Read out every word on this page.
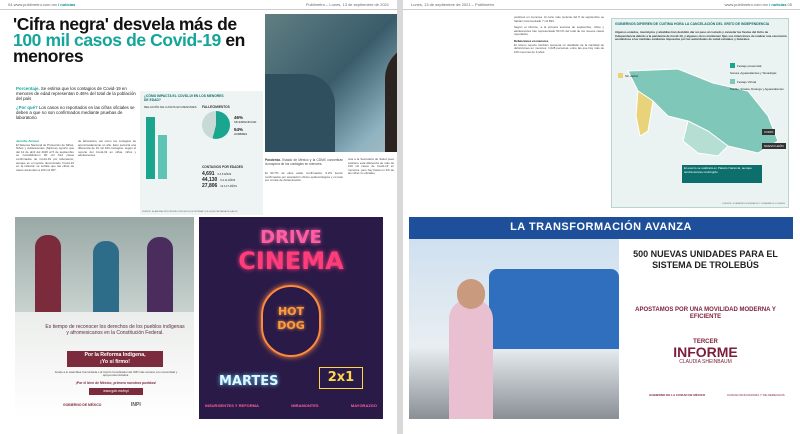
04 www.publimetro.com.mx / noticias	Publimetro – Lunes, 13 de septiembre de 2021
'Cifra negra' desvela más de 100 mil casos de Covid-19 en menores

Porcentaje. Se estima que los contagios de Covid-19 en menores de edad representan 0.46% del total de la población del país

¿Por qué? Los casos no reportados en las cifras oficiales se deben a que no son confirmados mediante pruebas de laboratorio

Jennifer Alcázar
El Sistema Nacional de Protección de Niñas, Niños y Adolescentes (Sipinna) reportó que del 12 de abril del 2020 al 5 de septiembre se contabilizaron 90 mil 614 casos confirmados de Covid-19 por laboratorio, aunque en el reporte denominado 'Covid-19 en la infancia' se señala que las cifras de casos ascienden a 100 mil 957.
de laboratorio, así como los contagios de aproximadamente un año. Esto sumaría una diferencia de 10 mil 343 contagios, según el reporte del Covid-19 en niñas, niños y adolescentes.
¿CÓMO IMPACTA EL COVID-19 EN LOS MENORES DE EDAD?
RELACIÓN DE CASOS EN MENORES FALLECIMIENTOS
46%
SIN ESPECIFICAR
54%
HOMBRES
CONTAGIOS POR EDADES
4,691 0 A 5 AÑOS
44,130 6 A 11 AÑOS
27,806 12 A 17 AÑOS
FUENTE: ELABORACIÓN PROPIA CON DATOS DE SIPINNA Y DE LA SECRETARÍA DE SALUD
Pandemia. Estado de México y la CDMX concentran la mayoría de los contagios en menores.
El 90.7% de ellos están confirmados, 9.2% fueron confirmados por asociación clínico epidemiológica y el resto por comité de dictaminación.
cias a la Secretaría de Salud pues sostiene esta diferencia de más de 100 mil casos de Covid-19 en menores, pero hay hasta un 4% de las cifras no oficiales.
Es tiempo de reconocer los derechos de los pueblos indígenas y afromexicanos en la Constitución Federal.
Por la Reforma Indígena,
¡Yo sí firmo!
Acude a tu Asamblea Comunitaria o al Centro Coordinador del INPI más cercano a tu comunidad y apoya esta iniciativa.
¡Por el bien de México, primero nuestros pueblos!
www.gob.mx/inpi
GOBIERNO DE MÉXICO	INPI
DRIVE
CINEMA
HOT
DOG
MARTES	2x1
INSURGENTES Y REFORMA	MIRAMONTES	MAYORAZGO
Lunes, 13 de septiembre de 2021 – Publimetro	www.publimetro.com.mx / noticias 05

positivos en menores. Al corte más reciente del 5 de septiembre se habían incrementado 7 mil 833.

Según el informe, a la primera semana de septiembre, niños y adolescentes han representado 50.1% del total de los nuevos casos reportados.

Defunciones en menores

El mismo reporte también presenta un detallado de la cantidad de defunciones en menores: 1,028 personas, entre las que hay más de 100 menores de 3 años.

GOBIERNOS DIFIEREN DE CUITIMA HORA LA CANCELACIÓN DEL GRITO DE INDEPENDENCIA
Algunos estados, municipios y alcaldías han decidido dar un paso al costado y cancelar las fiestas del Grito de Independencia debido a la pandemia de Covid-19, y algunos otros mantienen fijas sus intenciones de realizar una ceremonia acotándose a las medidas sanitarias impuestas por las autoridades de salud estatales y federales.
Festejo presencial
Sonora, Aguascalientes y Tamaulipas
Festejo Virtual
Puebla, Sinaloa, Durango y Aguascalientes
Sin definir
El evento se realizará en Palacio Nacional, aunque tendrá acceso restringido.
COMO
NUEVO LEÓN
FUENTE: GOBIERNOS ESTATALES Y GOBIERNOS LOCALES
LA TRANSFORMACIÓN AVANZA
500 NUEVAS UNIDADES PARA EL SISTEMA DE TROLEBÚS
APOSTAMOS POR UNA MOVILIDAD MODERNA Y EFICIENTE
TERCER
INFORME
CLAUDIA SHEINBAUM
GOBIERNO DE LA CIUDAD DE MÉXICO	CIUDAD INNOVADORA Y DE DERECHOS
